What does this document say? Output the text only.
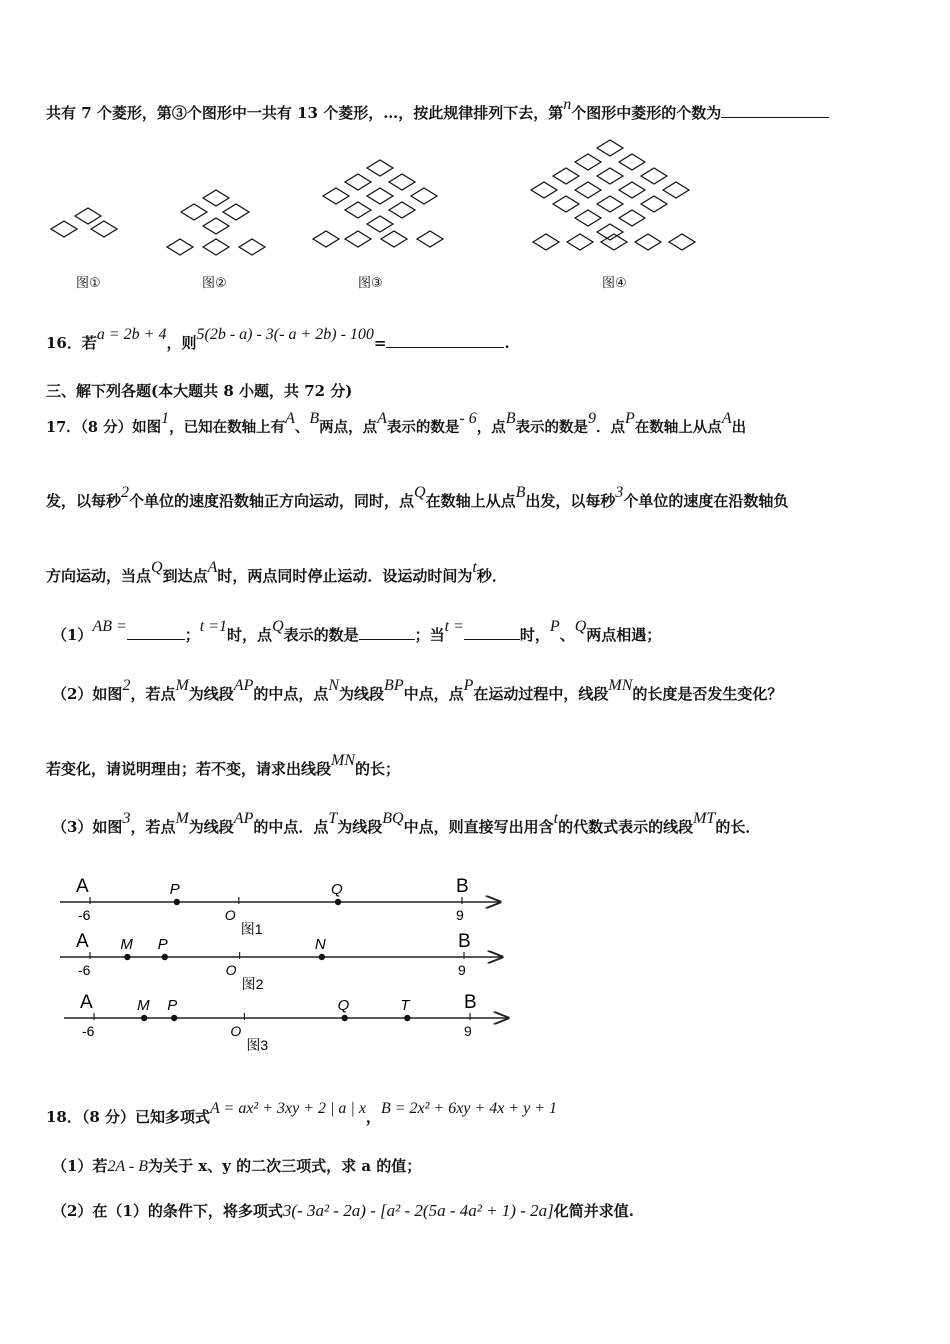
共有 7 个菱形，第③个图形中一共有 13 个菱形，…，按此规律排列下去，第n个图形中菱形的个数为
图①	图②	图③	图④
16．若a = 2b + 4，则5(2b - a) - 3(- a + 2b) - 100=	.
三、解下列各题(本大题共 8 小题，共 72 分)
17．（8 分）如图1，已知在数轴上有A、B两点，点A表示的数是- 6，点B表示的数是9．点P在数轴上从点A出
发，以每秒2个单位的速度沿数轴正方向运动，同时，点Q在数轴上从点B出发，以每秒3个单位的速度在沿数轴负
方向运动，当点Q到达点A时，两点同时停止运动．设运动时间为t秒．
（1）AB =	；t =1时，点Q表示的数是	；当t =	时，P、Q两点相遇；
（2）如图2，若点M为线段AP的中点，点N为线段BP中点，点P在运动过程中，线段MN的长度是否发生变化？
若变化，请说明理由；若不变，请求出线段MN的长；
（3）如图3，若点M为线段AP的中点．点T为线段BQ中点，则直接写出用含t的代数式表示的线段MT的长．
A	B
-6	9
O
图1
P	Q
A	B
-6	9
O
图2
M P	N
A	B
-6	9
O
图3
M P	Q	T
18．（8 分）已知多项式A = ax² + 3xy + 2 | a | x，B = 2x² + 6xy + 4x + y + 1
（1）若2A - B为关于 x、y 的二次三项式，求 a 的值；
（2）在（1）的条件下，将多项式3(- 3a² - 2a) - [a² - 2(5a - 4a² + 1) - 2a]化简并求值.
